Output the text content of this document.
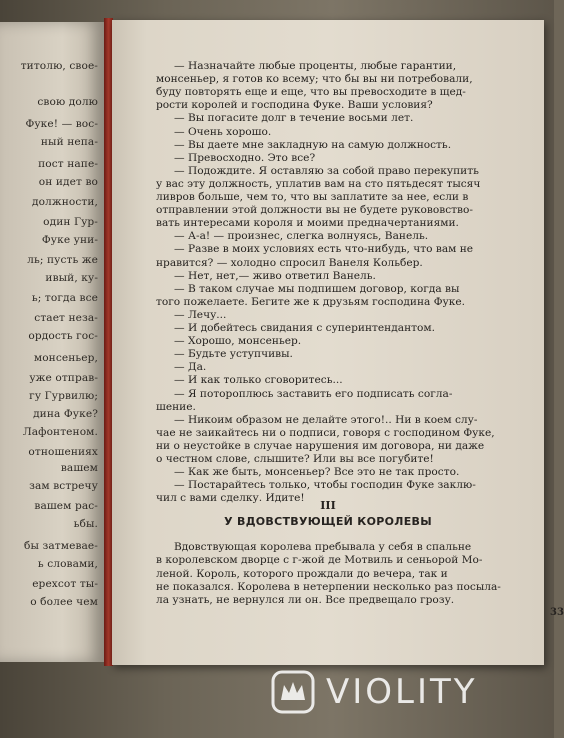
титолю, свое-
свою долю
Фуке! — вос-
ный непа-
пост напе-
он идет во
должности,
один Гур-
Фуке уни-
ль; пусть же
ивый, ку-
ь; тогда все
стает неза-
ордость гос-
монсеньер,
уже отправ-
гу Гурвилю;
дина Фуке?
Лафонтеном.
отношениях
вашем
зам встречу
вашем рас-
ьбы.
бы затмевае-
ь словами,
ерехсот ты-
о более чем
III
У ВДОВСТВУЮЩЕЙ КОРОЛЕВЫ
33
— Назначайте любые проценты, любые гарантии,
монсеньер, я готов ко всему; что бы вы ни потребовали,
буду повторять еще и еще, что вы превосходите в щед-
рости королей и господина Фуке. Ваши условия?
— Вы погасите долг в течение восьми лет.
— Очень хорошо.
— Вы даете мне закладную на самую должность.
— Превосходно. Это все?
— Подождите. Я оставляю за собой право перекупить
у вас эту должность, уплатив вам на сто пятьдесят тысяч
ливров больше, чем то, что вы заплатите за нее, если в
отправлении этой должности вы не будете рукововство-
вать интересами короля и моими предначертаниями.
— А-а! — произнес, слегка волнуясь, Ванель.
— Разве в моих условиях есть что-нибудь, что вам не
нравится? — холодно спросил Ванеля Кольбер.
— Нет, нет,— живо ответил Ванель.
— В таком случае мы подпишем договор, когда вы
того пожелаете. Бегите же к друзьям господина Фуке.
— Лечу...
— И добейтесь свидания с суперинтендантом.
— Хорошо, монсеньер.
— Будьте уступчивы.
— Да.
— И как только сговоритесь...
— Я потороплюсь заставить его подписать согла-
шение.
— Никоим образом не делайте этого!.. Ни в коем слу-
чае не заикайтесь ни о подписи, говоря с господином Фуке,
ни о неустойке в случае нарушения им договора, ни даже
о честном слове, слышите? Или вы все погубите!
— Как же быть, монсеньер? Все это не так просто.
— Постарайтесь только, чтобы господин Фуке заклю-
чил с вами сделку. Идите!
Вдовствующая королева пребывала у себя в спальне
в королевском дворце с г-жой де Мотвиль и сеньорой Мо-
леной. Король, которого прождали до вечера, так и
не показался. Королева в нетерпении несколько раз посыла-
ла узнать, не вернулся ли он. Все предвещало грозу.
VIOLITY
